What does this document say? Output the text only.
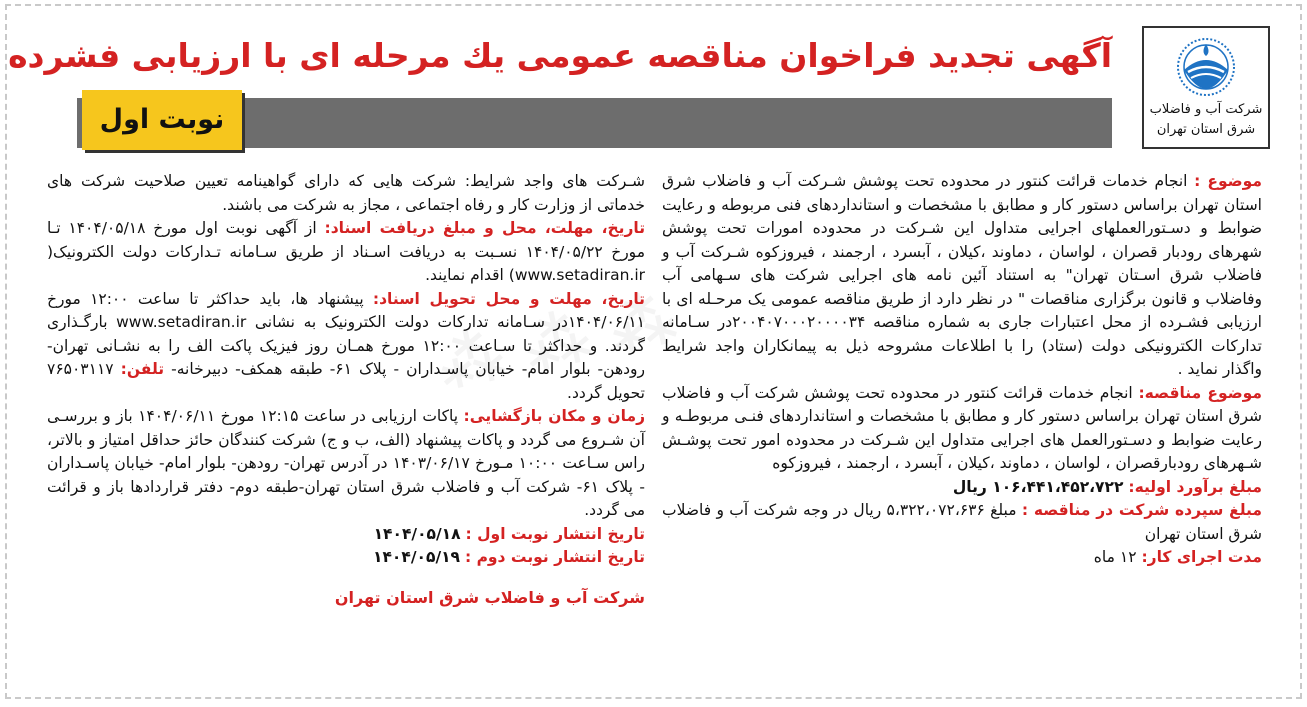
شرکت آب و فاضلاب
شرق استان تهران
آگهی تجدید فراخوان مناقصه عمومی یك مرحله ای با ارزیابی فشرده
نوبت اول
موضوع : انجام خدمات قرائت کنتور در محدوده تحت پوشش شـرکت آب و فاضلاب شرق استان تهران براساس دستور کار و مطابق با مشخصات و استانداردهای فنی مربوطه و رعایت ضوابط و دسـتورالعملهای اجرایی متداول این شـرکت در محدوده امورات تحت پوشش شهرهای رودبار قصران ، لواسان ، دماوند ،کیلان ، آبسرد ، ارجمند ، فیروزکوه شـرکت آب و فاضلاب شرق اسـتان تهران" به استناد آئین نامه های اجرایی شرکت های سـهامی آب وفاضلاب و قانون برگزاری مناقصات " در نظر دارد از طریق مناقصه عمومی یک مرحـله ای با ارزیابی فشـرده از محل اعتبارات جاری به شماره مناقصه ۲۰۰۴۰۷۰۰۰۲۰۰۰۰۳۴در سـامانه تدارکات الکترونیکی دولت (ستاد) را با اطلاعات مشروحه ذیل به پیمانکاران واجد شرایط واگذار نماید .
موضوع مناقصه: انجام خدمات قرائت کنتور در محدوده تحت پوشش شرکت آب و فاضلاب شرق استان تهران براساس دستور کار و مطابق با مشخصات و استانداردهای فنـی مربوطـه و رعایت ضوابط و دسـتورالعمل های اجرایی متداول این شـرکت در محدوده امور تحت پوشـش شـهرهای رودبارقصران ، لواسان ، دماوند ،کیلان ، آبسرد ، ارجمند ، فیروزکوه
مبلغ برآورد اولیه: ۱۰۶،۴۴۱،۴۵۲،۷۲۲ ریال
مبلغ سپرده شرکت در مناقصه : مبلغ ۵،۳۲۲،۰۷۲،۶۳۶ ریال در وجه شرکت آب و فاضلاب شرق استان تهران
مدت اجرای کار: ۱۲ ماه
شـرکت های واجد شرایط: شرکت هایی که دارای گواهینامه تعیین صلاحیت شرکت های خدماتی از وزارت کار و رفاه اجتماعی ، مجاز به شرکت می باشند.
تاریخ، مهلت، محل و مبلغ دریافت اسناد: از آگهی نوبت اول مورخ ۱۴۰۴/۰۵/۱۸ تـا مورخ ۱۴۰۴/۰۵/۲۲ نسـبت به دریافت اسـناد از طریق سـامانه تـدارکات دولت الکترونیک( www.setadiran.ir) اقدام نمایند.
تاریخ، مهلت و محل تحویل اسناد: پیشنهاد ها، باید حداکثر تا ساعت ۱۲:۰۰ مورخ ۱۴۰۴/۰۶/۱۱در سـامانه تدارکات دولت الکترونیک به نشانی www.setadiran.ir بارگـذاری گردند. و حداکثر تا سـاعت ۱۲:۰۰ مورخ همـان روز فیزیک پاکت الف را به نشـانی تهران- رودهن- بلوار امام- خیابان پاسـداران - پلاک ۶۱- طبقه همکف- دبیرخانه- تلفن: ۷۶۵۰۳۱۱۷ تحویل گردد.
زمان و مکان بازگشایی: پاکات ارزیابی در ساعت ۱۲:۱۵ مورخ ۱۴۰۴/۰۶/۱۱ باز و بررسـی آن شـروع می گردد و پاکات پیشنهاد (الف، ب و ج) شرکت کنندگان حائز حداقل امتیاز و بالاتر، راس سـاعت ۱۰:۰۰ مـورخ ۱۴۰۳/۰۶/۱۷ در آدرس تهران- رودهن- بلوار امام- خیابان پاسـداران - پلاک ۶۱- شرکت آب و فاضلاب شرق استان تهران-طبقه دوم- دفتر قراردادها باز و قرائت می گردد.
تاریخ انتشار نوبت اول : ۱۴۰۴/۰۵/۱۸
تاریخ انتشار نوبت دوم : ۱۴۰۴/۰۵/۱۹
شرکت آب و فاضلاب شرق استان تهران
